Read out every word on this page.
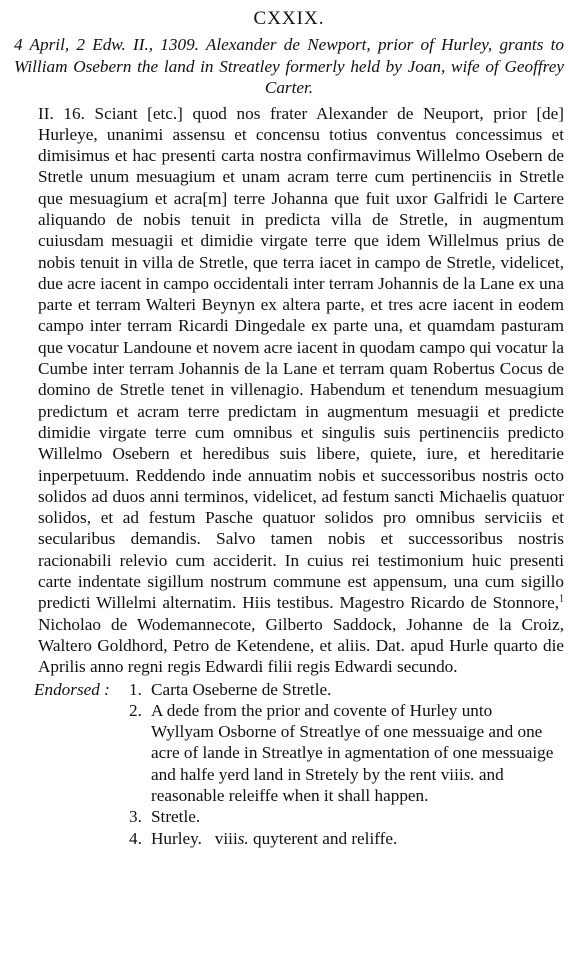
CXXIX.
4 April, 2 Edw. II., 1309. Alexander de Newport, prior of Hurley, grants to William Osebern the land in Streatley formerly held by Joan, wife of Geoffrey Carter.

II. 16. Sciant [etc.] quod nos frater Alexander de Neuport, prior [de] Hurleye, unanimi assensu et concensu totius conventus concessimus et dimisimus et hac presenti carta nostra confirmavimus Willelmo Osebern de Stretle unum mesuagium et unam acram terre cum pertinenciis in Stretle que mesuagium et acra[m] terre Johanna que fuit uxor Galfridi le Cartere aliquando de nobis tenuit in predicta villa de Stretle, in augmentum cuiusdam mesuagii et dimidie virgate terre que idem Willelmus prius de nobis tenuit in villa de Stretle, que terra iacet in campo de Stretle, videlicet, due acre iacent in campo occidentali inter terram Johannis de la Lane ex una parte et terram Walteri Beynyn ex altera parte, et tres acre iacent in eodem campo inter terram Ricardi Dingedale ex parte una, et quamdam pasturam que vocatur Landoune et novem acre iacent in quodam campo qui vocatur la Cumbe inter terram Johannis de la Lane et terram quam Robertus Cocus de domino de Stretle tenet in villenagio. Habendum et tenendum mesuagium predictum et acram terre predictam in augmentum mesuagii et predicte dimidie virgate terre cum omnibus et singulis suis pertinenciis predicto Willelmo Osebern et heredibus suis libere, quiete, iure, et hereditarie inperpetuum. Reddendo inde annuatim nobis et successoribus nostris octo solidos ad duos anni terminos, videlicet, ad festum sancti Michaelis quatuor solidos, et ad festum Pasche quatuor solidos pro omnibus serviciis et secularibus demandis. Salvo tamen nobis et successoribus nostris racionabili relevio cum acciderit. In cuius rei testimonium huic presenti carte indentate sigillum nostrum commune est appensum, una cum sigillo predicti Willelmi alternatim. Hiis testibus. Magestro Ricardo de Stonnore,$^1$ Nicholao de Wodemannecote, Gilberto Saddock, Johanne de la Croiz, Waltero Goldhord, Petro de Ketendene, et aliis. Dat. apud Hurle quarto die Aprilis anno regni regis Edwardi filii regis Edwardi secundo.

Endorsed :	1. Carta Oseberne de Stretle.
2. A dede from the prior and covente of Hurley unto Wyllyam Osborne of Streatlye of one messuaige and one acre of lande in Streatlye in agmentation of one messuaige and halfe yerd land in Stretely by the rent viiis. and reasonable releiffe when it shall happen.
3. Stretle.
4. Hurley.   viiis. quyterent and reliffe.
